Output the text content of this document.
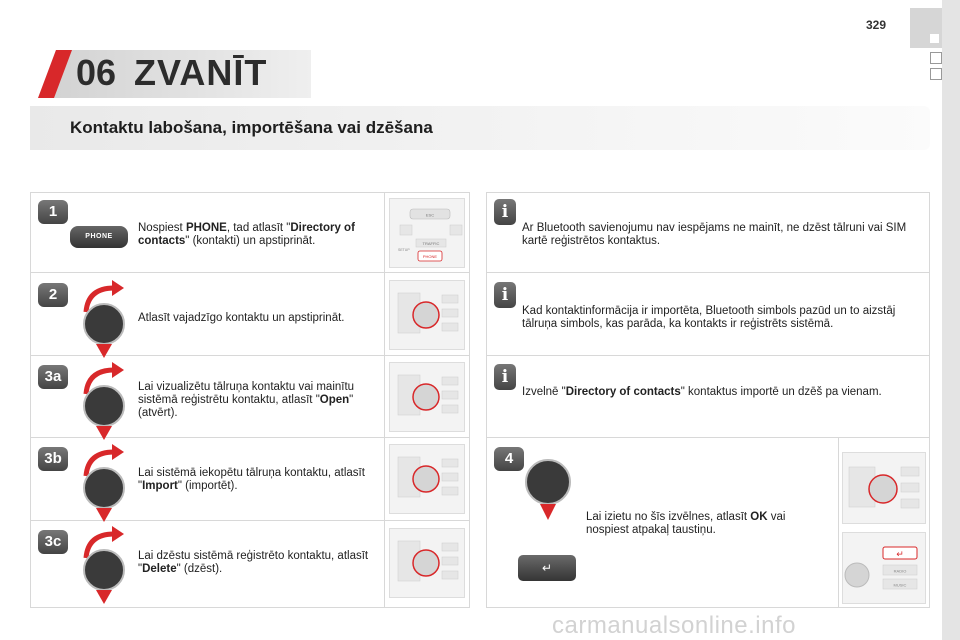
329
06 ZVANĪT
Kontaktu labošana, importēšana vai dzēšana
1
PHONE
Nospiest PHONE, tad atlasīt "Directory of contacts" (kontakti) un apstiprināt.
ESC
TRAFFIC
SETUP
PHONE
2
Atlasīt vajadzīgo kontaktu un apstiprināt.
3a
Lai vizualizētu tālruņa kontaktu vai mainītu sistēmā reģistrētu kontaktu, atlasīt "Open" (atvērt).
3b
Lai sistēmā iekopētu tālruņa kontaktu, atlasīt "Import" (importēt).
3c
Lai dzēstu sistēmā reģistrēto kontaktu, atlasīt "Delete" (dzēst).
i
Ar Bluetooth savienojumu nav iespējams ne mainīt, ne dzēst tālruni vai SIM kartē reģistrētos kontaktus.
i
Kad kontaktinformācija ir importēta, Bluetooth simbols pazūd un to aizstāj tālruņa simbols, kas parāda, ka kontakts ir reģistrēts sistēmā.
i
Izvelnē "Directory of contacts" kontaktus importē un dzēš pa vienam.
4
↵
Lai izietu no šīs izvēlnes, atlasīt OK vai nospiest atpakaļ taustiņu.
↵
RADIO
MUSIC
carmanualsonline.info
